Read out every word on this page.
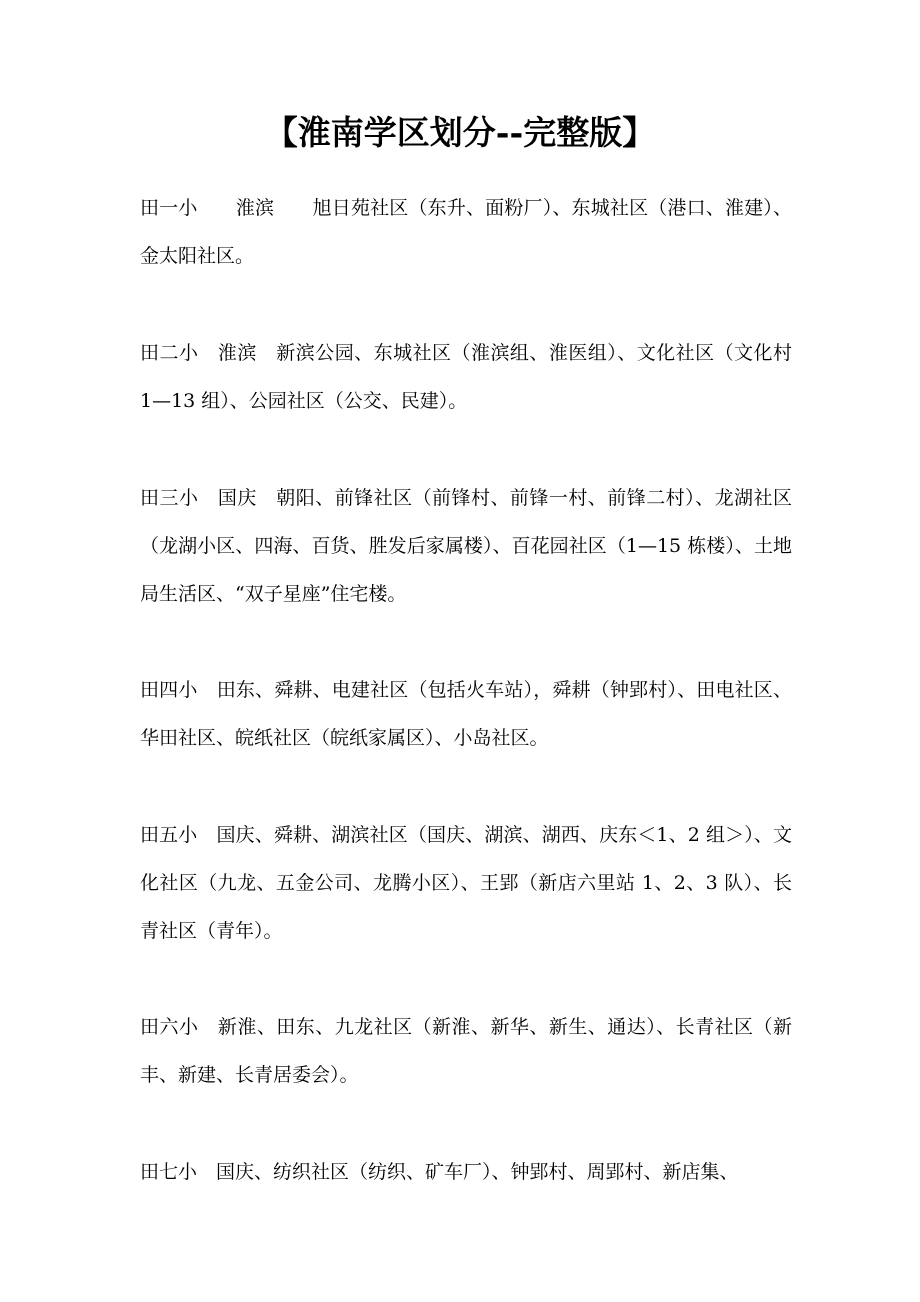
【淮南学区划分--完整版】
田一小　　淮滨　　旭日苑社区（东升、面粉厂）、东城社区（港口、淮建）、金太阳社区。
田二小　淮滨　新滨公园、东城社区（淮滨组、淮医组）、文化社区（文化村 1—13 组）、公园社区（公交、民建）。
田三小　国庆　朝阳、前锋社区（前锋村、前锋一村、前锋二村）、龙湖社区（龙湖小区、四海、百货、胜发后家属楼）、百花园社区（1—15 栋楼）、土地局生活区、“双子星座”住宅楼。
田四小　田东、舜耕、电建社区（包括火车站），舜耕（钟郢村）、田电社区、华田社区、皖纸社区（皖纸家属区）、小岛社区。
田五小　国庆、舜耕、湖滨社区（国庆、湖滨、湖西、庆东＜1、2 组＞）、文化社区（九龙、五金公司、龙腾小区）、王郢（新店六里站 1、2、3 队）、长青社区（青年）。
田六小　新淮、田东、九龙社区（新淮、新华、新生、通达）、长青社区（新丰、新建、长青居委会）。
田七小　国庆、纺织社区（纺织、矿车厂）、钟郢村、周郢村、新店集、
